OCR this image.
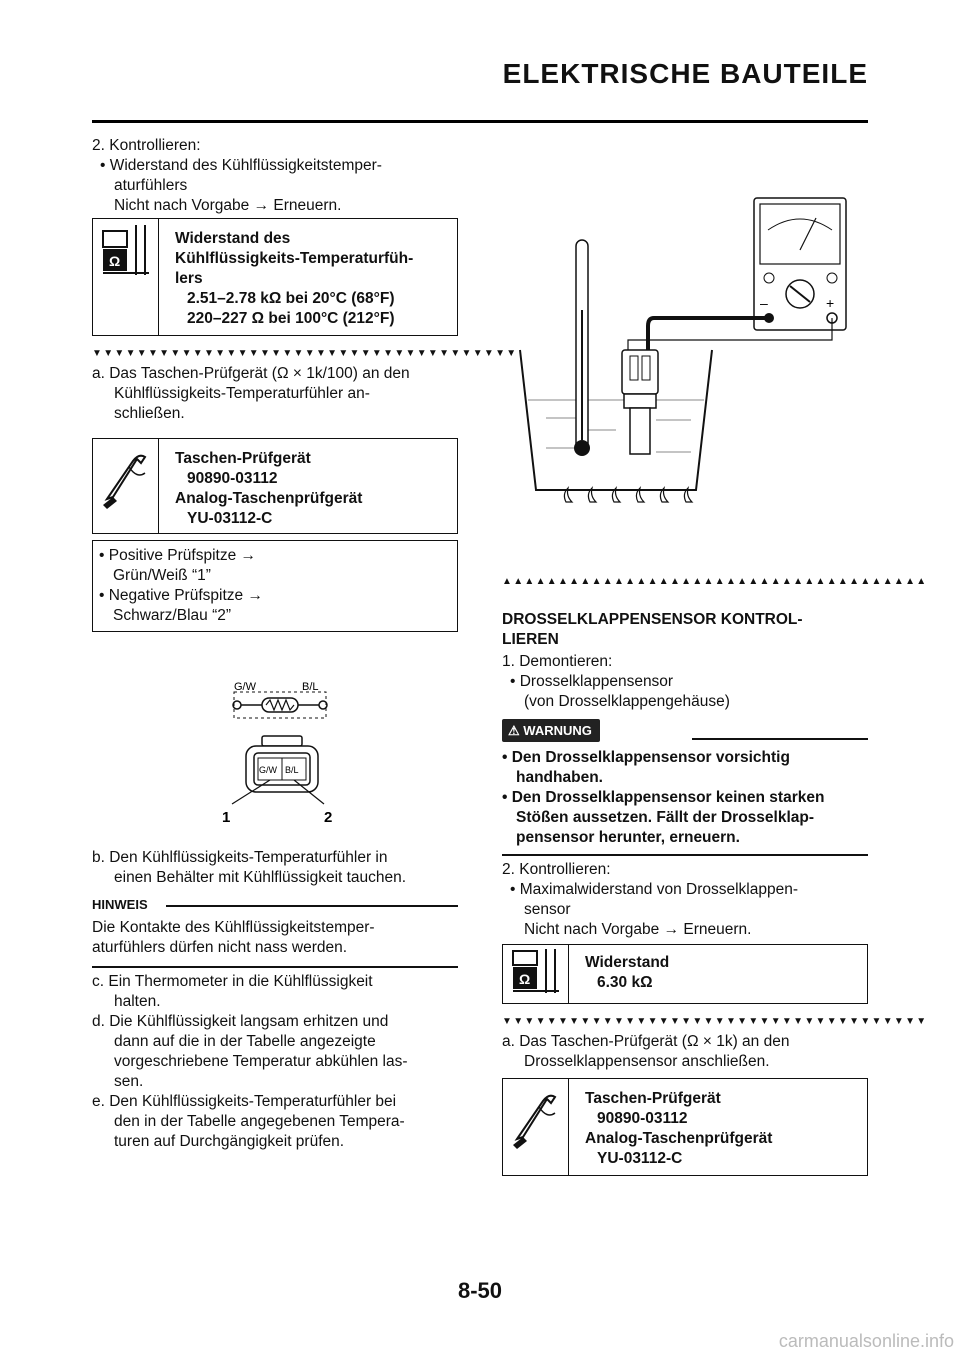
ELEKTRISCHE BAUTEILE
2. Kontrollieren:
• Widerstand des Kühlflüssigkeitstemper-
aturfühlers
Nicht nach Vorgabe → Erneuern.
Ω
Widerstand des
Kühlflüssigkeits-Temperaturfüh-
lers
2.51–2.78 kΩ bei 20°C (68°F)
220–227 Ω bei 100°C (212°F)
▼▼▼▼▼▼▼▼▼▼▼▼▼▼▼▼▼▼▼▼▼▼▼▼▼▼▼▼▼▼▼▼▼▼▼▼▼▼
a. Das Taschen-Prüfgerät (Ω × 1k/100) an den
Kühlflüssigkeits-Temperaturfühler an-
schließen.
Taschen-Prüfgerät
90890-03112
Analog-Taschenprüfgerät
YU-03112-C
• Positive Prüfspitze →
Grün/Weiß “1”
• Negative Prüfspitze →
Schwarz/Blau “2”
G/W	B/L
G/W B/L
1	2
b. Den Kühlflüssigkeits-Temperaturfühler in
einen Behälter mit Kühlflüssigkeit tauchen.
HINWEIS
Die Kontakte des Kühlflüssigkeitstemper-
aturfühlers dürfen nicht nass werden.
c. Ein Thermometer in die Kühlflüssigkeit
halten.
d. Die Kühlflüssigkeit langsam erhitzen und
dann auf die in der Tabelle angezeigte
vorgeschriebene Temperatur abkühlen las-
sen.
e. Den Kühlflüssigkeits-Temperaturfühler bei
den in der Tabelle angegebenen Tempera-
turen auf Durchgängigkeit prüfen.
–	+
▲▲▲▲▲▲▲▲▲▲▲▲▲▲▲▲▲▲▲▲▲▲▲▲▲▲▲▲▲▲▲▲▲▲▲▲▲▲
DROSSELKLAPPENSENSOR KONTROL-
LIEREN
1. Demontieren:
• Drosselklappensensor
(von Drosselklappengehäuse)
⚠ WARNUNG
• Den Drosselklappensensor vorsichtig
handhaben.
• Den Drosselklappensensor keinen starken
Stößen aussetzen. Fällt der Drosselklap-
pensensor herunter, erneuern.
2. Kontrollieren:
• Maximalwiderstand von Drosselklappen-
sensor
Nicht nach Vorgabe → Erneuern.
Ω
Widerstand
6.30 kΩ
▼▼▼▼▼▼▼▼▼▼▼▼▼▼▼▼▼▼▼▼▼▼▼▼▼▼▼▼▼▼▼▼▼▼▼▼▼▼
a. Das Taschen-Prüfgerät (Ω × 1k) an den
Drosselklappensensor anschließen.
Taschen-Prüfgerät
90890-03112
Analog-Taschenprüfgerät
YU-03112-C
8-50
carmanualsonline.info
